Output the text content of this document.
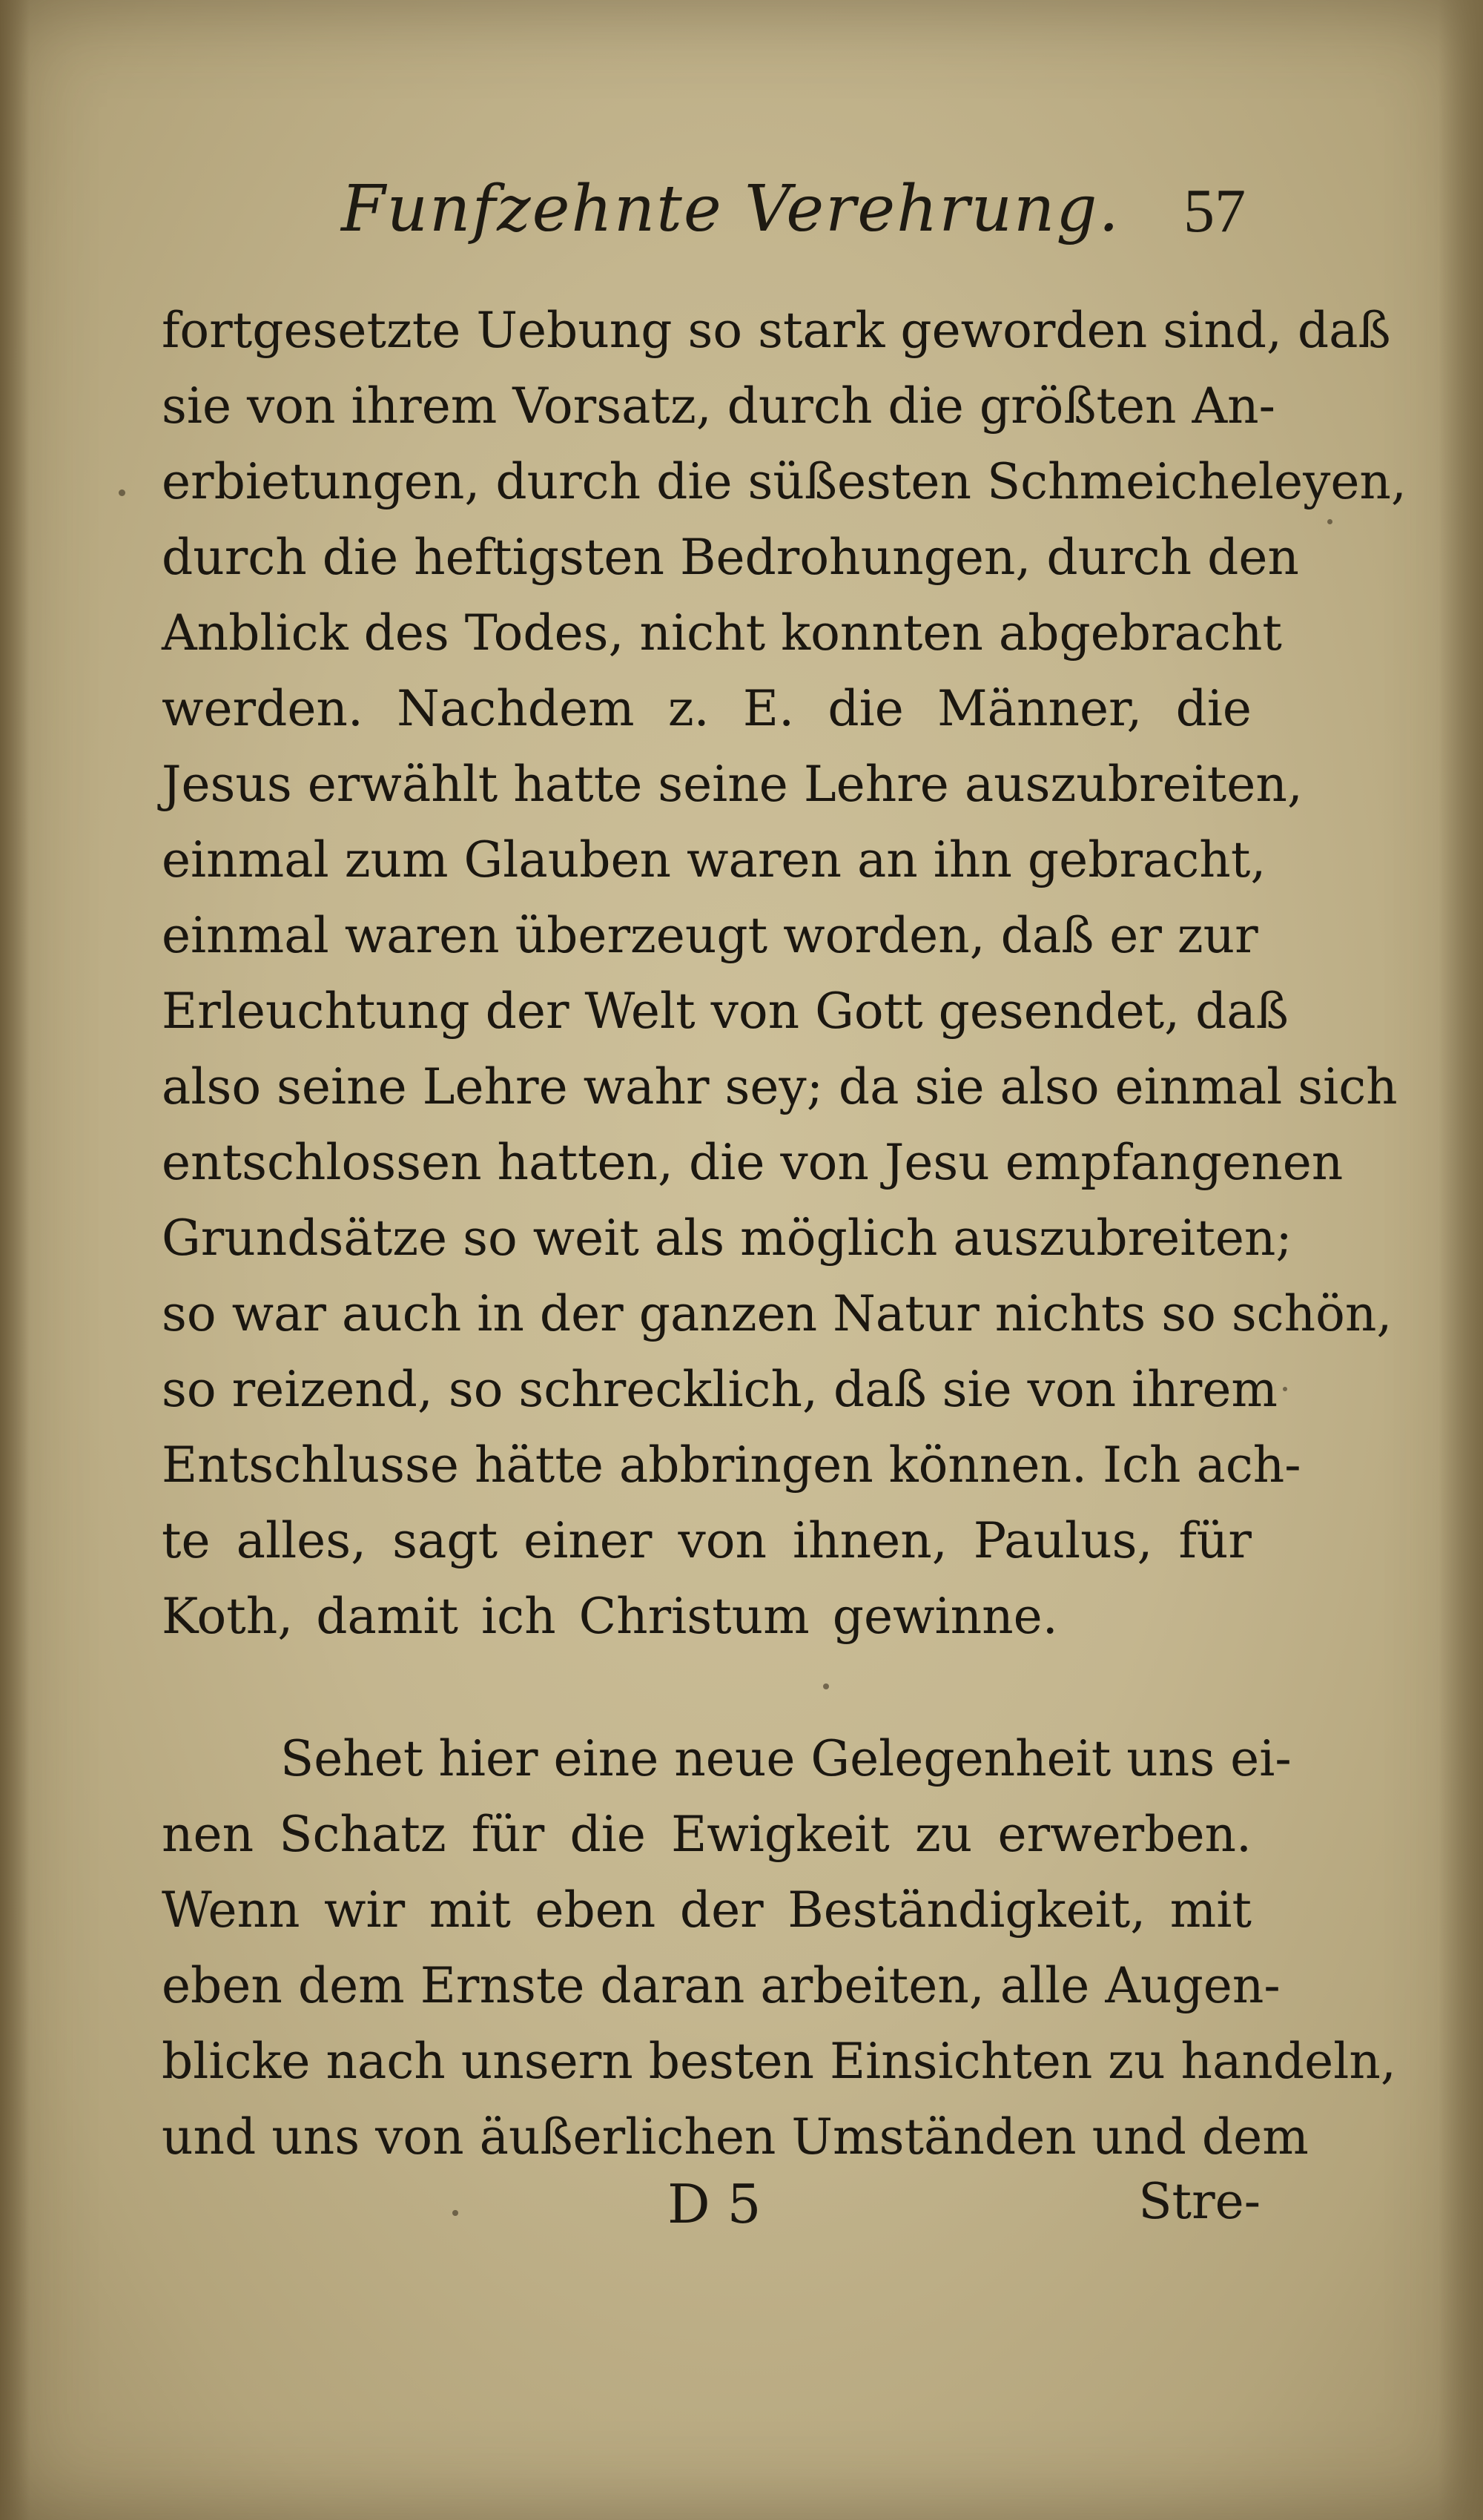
Funfzehnte Verehrung. 57
fortgesetzte Uebung so stark geworden sind, daß
sie von ihrem Vorsatz, durch die größten An-
erbietungen, durch die süßesten Schmeicheleyen,
durch die heftigsten Bedrohungen, durch den
Anblick des Todes, nicht konnten abgebracht
werden. Nachdem z. E. die Männer, die
Jesus erwählt hatte seine Lehre auszubreiten,
einmal zum Glauben waren an ihn gebracht,
einmal waren überzeugt worden, daß er zur
Erleuchtung der Welt von Gott gesendet, daß
also seine Lehre wahr sey; da sie also einmal sich
entschlossen hatten, die von Jesu empfangenen
Grundsätze so weit als möglich auszubreiten;
so war auch in der ganzen Natur nichts so schön,
so reizend, so schrecklich, daß sie von ihrem
Entschlusse hätte abbringen können. Ich ach-
te alles, sagt einer von ihnen, Paulus, für
Koth, damit ich Christum gewinne.
Sehet hier eine neue Gelegenheit uns ei-
nen Schatz für die Ewigkeit zu erwerben.
Wenn wir mit eben der Beständigkeit, mit
eben dem Ernste daran arbeiten, alle Augen-
blicke nach unsern besten Einsichten zu handeln,
und uns von äußerlichen Umständen und dem
D 5	Stre-
